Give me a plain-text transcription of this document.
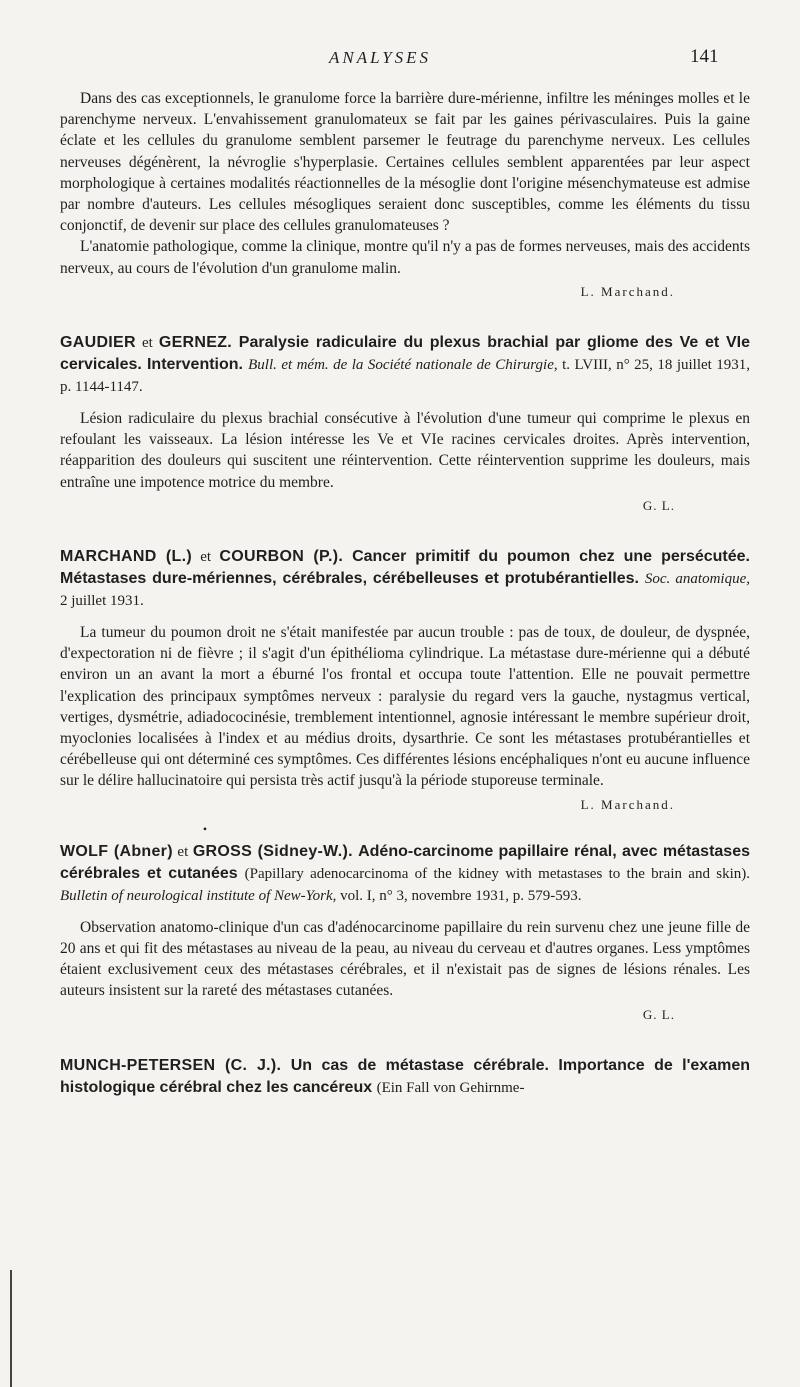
ANALYSES	141

Dans des cas exceptionnels, le granulome force la barrière dure-mérienne, infiltre les méninges molles et le parenchyme nerveux. L'envahissement granulomateux se fait par les gaines périvasculaires. Puis la gaine éclate et les cellules du granulome semblent parsemer le feutrage du parenchyme nerveux. Les cellules nerveuses dégénèrent, la névroglie s'hyperplasie. Certaines cellules semblent apparentées par leur aspect morphologique à certaines modalités réactionnelles de la mésoglie dont l'origine mésenchymateuse est admise par nombre d'auteurs. Les cellules mésogliques seraient donc susceptibles, comme les éléments du tissu conjonctif, de devenir sur place des cellules granulomateuses ?

L'anatomie pathologique, comme la clinique, montre qu'il n'y a pas de formes nerveuses, mais des accidents nerveux, au cours de l'évolution d'un granulome malin.

L. Marchand.

GAUDIER et GERNEZ. Paralysie radiculaire du plexus brachial par gliome des Ve et VIe cervicales. Intervention. Bull. et mém. de la Société nationale de Chirurgie, t. LVIII, n° 25, 18 juillet 1931, p. 1144-1147.

Lésion radiculaire du plexus brachial consécutive à l'évolution d'une tumeur qui comprime le plexus en refoulant les vaisseaux. La lésion intéresse les Ve et VIe racines cervicales droites. Après intervention, réapparition des douleurs qui suscitent une réintervention. Cette réintervention supprime les douleurs, mais entraîne une impotence motrice du membre.

G. L.

MARCHAND (L.) et COURBON (P.). Cancer primitif du poumon chez une persécutée. Métastases dure-mériennes, cérébrales, cérébelleuses et protubérantielles. Soc. anatomique, 2 juillet 1931.

La tumeur du poumon droit ne s'était manifestée par aucun trouble : pas de toux, de douleur, de dyspnée, d'expectoration ni de fièvre ; il s'agit d'un épithélioma cylindrique. La métastase dure-mérienne qui a débuté environ un an avant la mort a éburné l'os frontal et occupa toute l'attention. Elle ne pouvait permettre l'explication des principaux symptômes nerveux : paralysie du regard vers la gauche, nystagmus vertical, vertiges, dysmétrie, adiadococinésie, tremblement intentionnel, agnosie intéressant le membre supérieur droit, myoclonies localisées à l'index et au médius droits, dysarthrie. Ce sont les métastases protubérantielles et cérébelleuse qui ont déterminé ces symptômes. Ces différentes lésions encéphaliques n'ont eu aucune influence sur le délire hallucinatoire qui persista très actif jusqu'à la période stuporeuse terminale.

L. Marchand.

•
WOLF (Abner) et GROSS (Sidney-W.). Adéno-carcinome papillaire rénal, avec métastases cérébrales et cutanées (Papillary adenocarcinoma of the kidney with metastases to the brain and skin). Bulletin of neurological institute of New-York, vol. I, n° 3, novembre 1931, p. 579-593.

Observation anatomo-clinique d'un cas d'adénocarcinome papillaire du rein survenu chez une jeune fille de 20 ans et qui fit des métastases au niveau de la peau, au niveau du cerveau et d'autres organes. Less ymptômes étaient exclusivement ceux des métastases cérébrales, et il n'existait pas de signes de lésions rénales. Les auteurs insistent sur la rareté des métastases cutanées.

G. L.

MUNCH-PETERSEN (C. J.). Un cas de métastase cérébrale. Importance de l'examen histologique cérébral chez les cancéreux (Ein Fall von Gehirnme-
